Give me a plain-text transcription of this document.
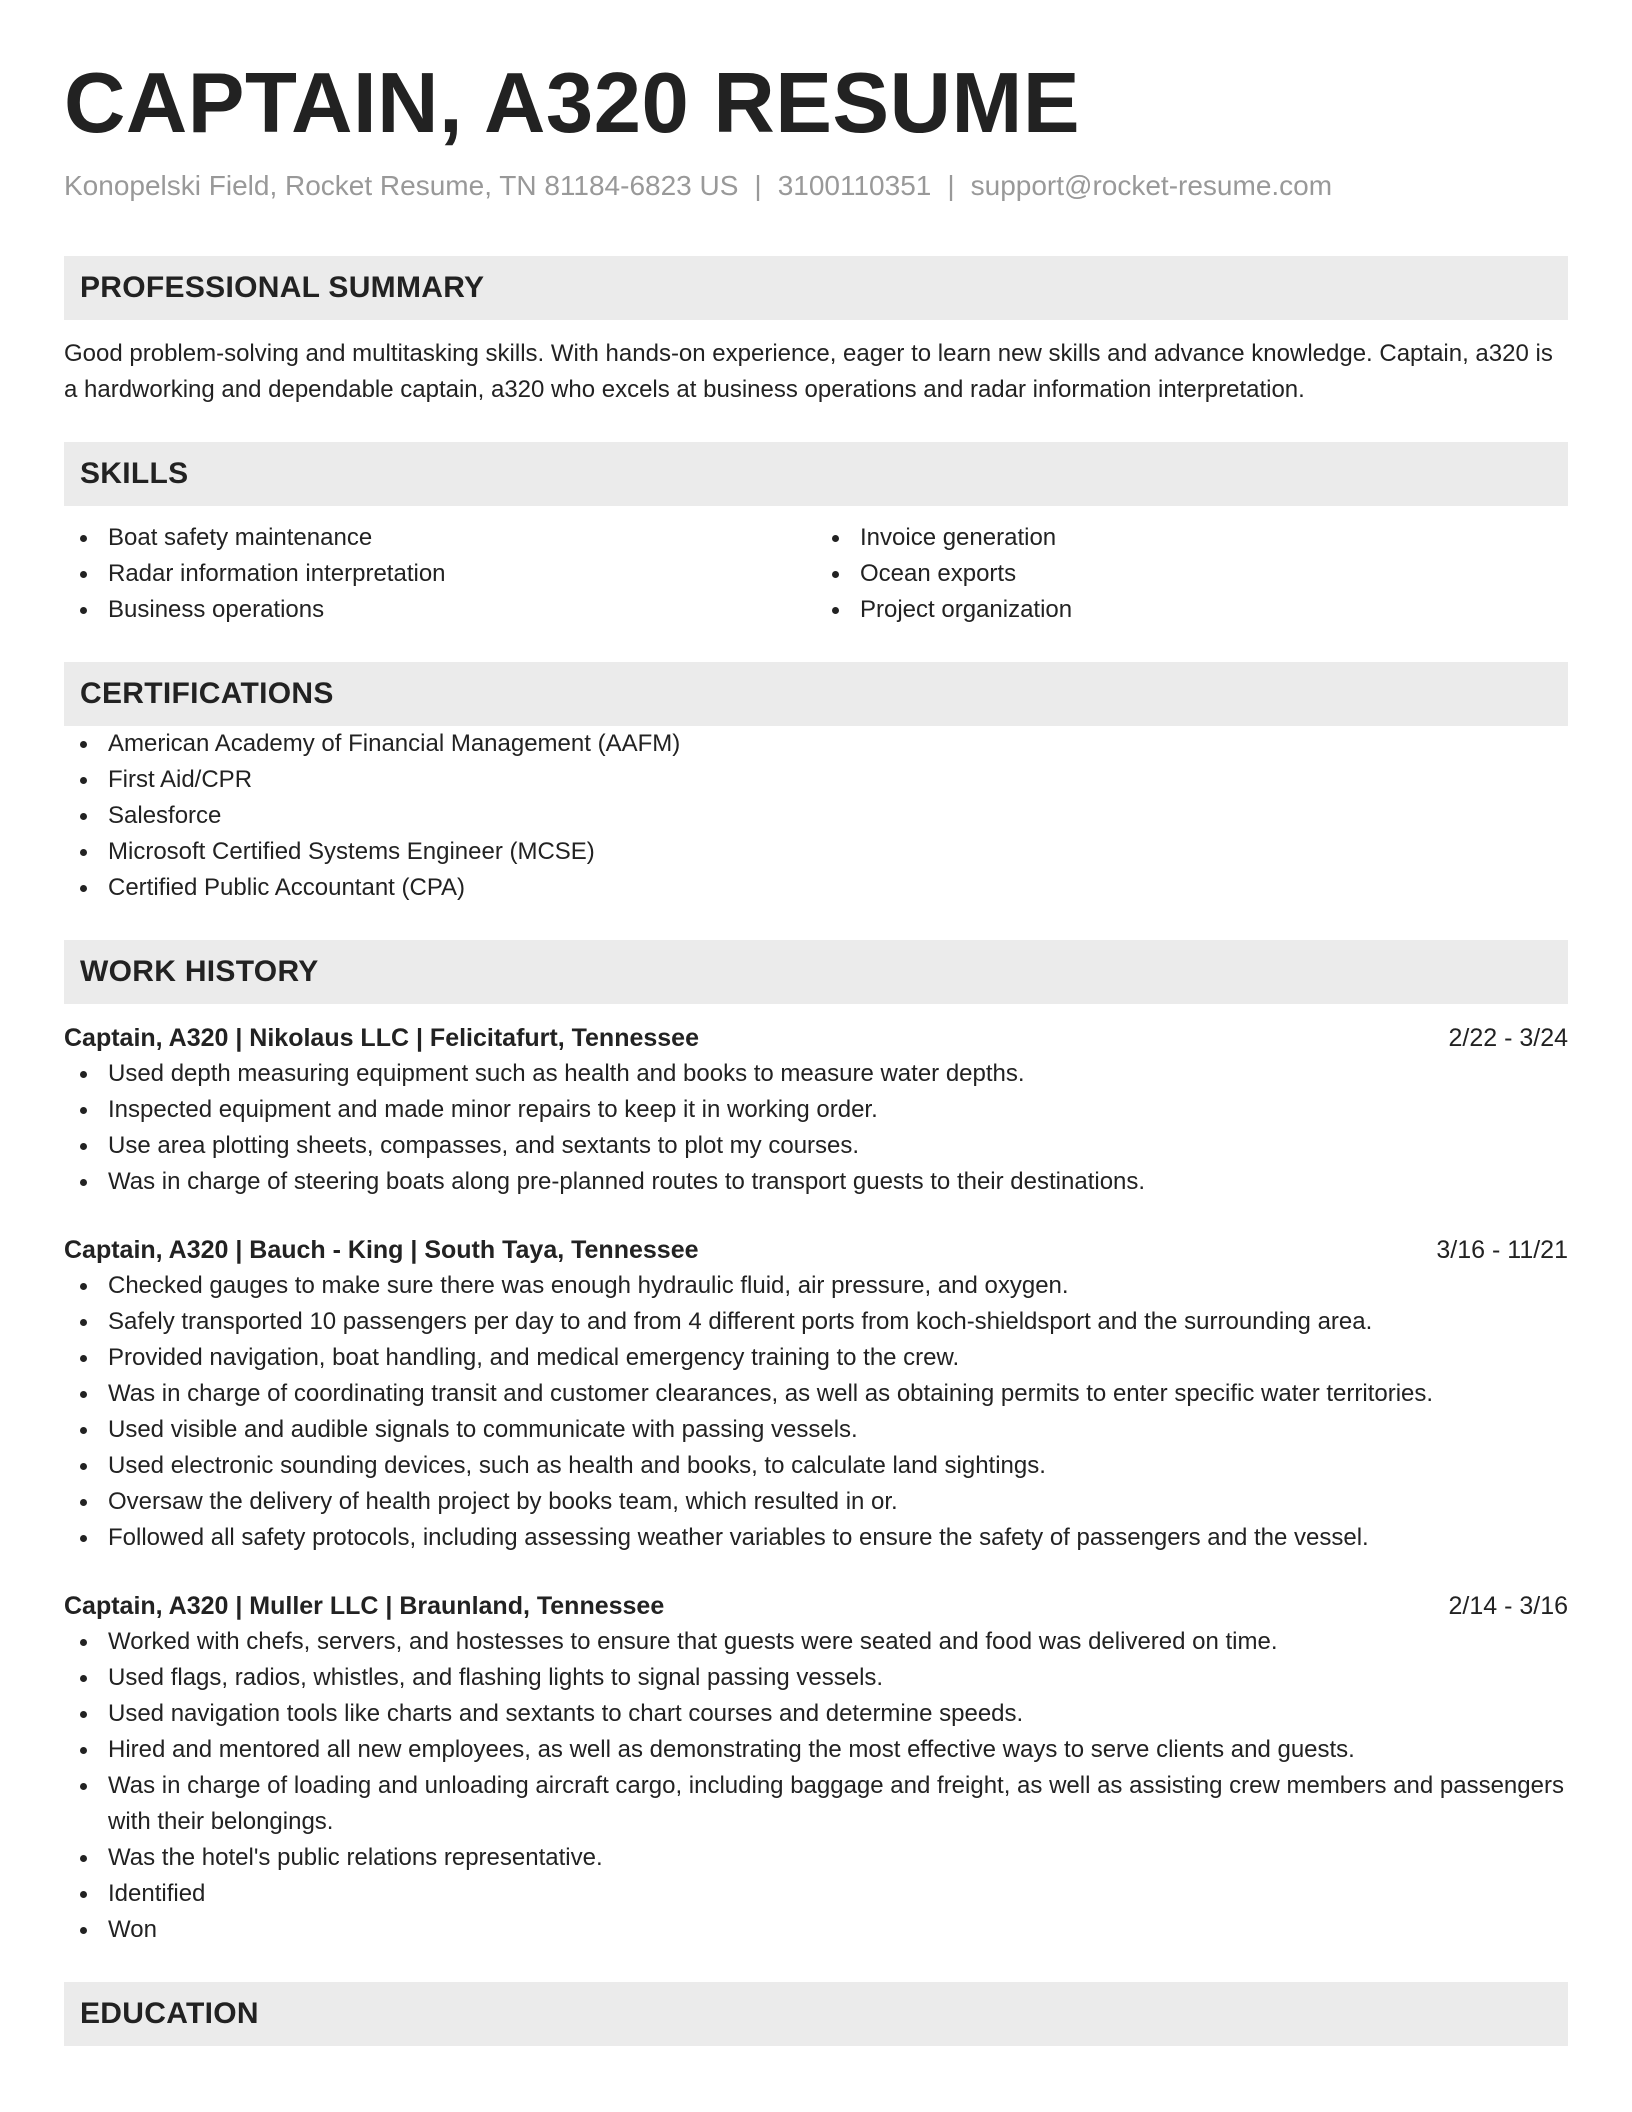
CAPTAIN, A320 RESUME
Konopelski Field, Rocket Resume, TN 81184-6823 US | 3100110351 | support@rocket-resume.com
PROFESSIONAL SUMMARY

Good problem-solving and multitasking skills. With hands-on experience, eager to learn new skills and advance knowledge. Captain, a320 is a hardworking and dependable captain, a320 who excels at business operations and radar information interpretation.

SKILLS
Boat safety maintenance
Radar information interpretation
Business operations
Invoice generation
Ocean exports
Project organization
CERTIFICATIONS
American Academy of Financial Management (AAFM)
First Aid/CPR
Salesforce
Microsoft Certified Systems Engineer (MCSE)
Certified Public Accountant (CPA)
WORK HISTORY
Captain, A320 | Nikolaus LLC | Felicitafurt, Tennessee	2/22 - 3/24
Used depth measuring equipment such as health and books to measure water depths.
Inspected equipment and made minor repairs to keep it in working order.
Use area plotting sheets, compasses, and sextants to plot my courses.
Was in charge of steering boats along pre-planned routes to transport guests to their destinations.
Captain, A320 | Bauch - King | South Taya, Tennessee	3/16 - 11/21
Checked gauges to make sure there was enough hydraulic fluid, air pressure, and oxygen.
Safely transported 10 passengers per day to and from 4 different ports from koch-shieldsport and the surrounding area.
Provided navigation, boat handling, and medical emergency training to the crew.
Was in charge of coordinating transit and customer clearances, as well as obtaining permits to enter specific water territories.
Used visible and audible signals to communicate with passing vessels.
Used electronic sounding devices, such as health and books, to calculate land sightings.
Oversaw the delivery of health project by books team, which resulted in or.
Followed all safety protocols, including assessing weather variables to ensure the safety of passengers and the vessel.
Captain, A320 | Muller LLC | Braunland, Tennessee	2/14 - 3/16
Worked with chefs, servers, and hostesses to ensure that guests were seated and food was delivered on time.
Used flags, radios, whistles, and flashing lights to signal passing vessels.
Used navigation tools like charts and sextants to chart courses and determine speeds.
Hired and mentored all new employees, as well as demonstrating the most effective ways to serve clients and guests.
Was in charge of loading and unloading aircraft cargo, including baggage and freight, as well as assisting crew members and passengers with their belongings.
Was the hotel's public relations representative.
Identified
Won
EDUCATION
